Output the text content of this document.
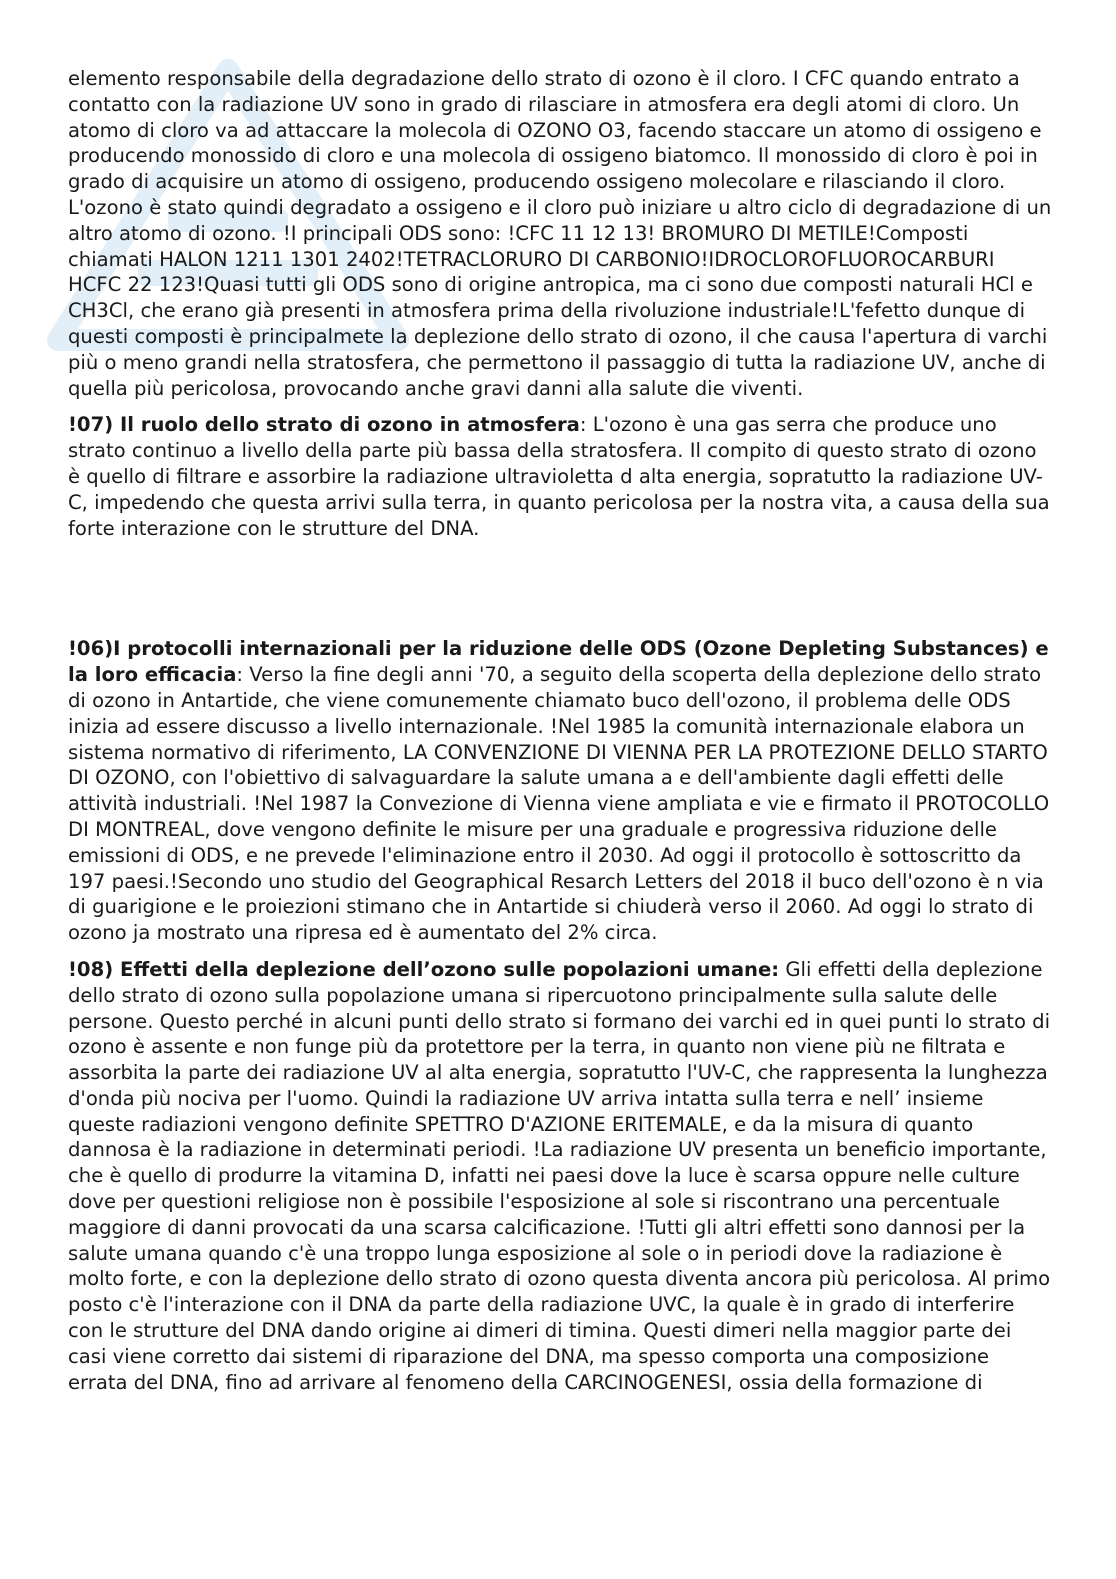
elemento responsabile della degradazione dello strato di ozono è il cloro. I CFC quando entrato a contatto con la radiazione UV sono in grado di rilasciare in atmosfera era degli atomi di cloro. Un atomo di cloro va ad attaccare la molecola di OZONO O3, facendo staccare un atomo di ossigeno e producendo monossido di cloro e una molecola di ossigeno biatomco. Il monossido di cloro è poi in grado di acquisire un atomo di ossigeno, producendo ossigeno molecolare e rilasciando il cloro. L'ozono è stato quindi degradato a ossigeno e il cloro può iniziare u altro ciclo di degradazione di un altro atomo di ozono. !I principali ODS sono: !CFC 11 12 13! BROMURO DI METILE!Composti chiamati HALON 1211 1301 2402!TETRACLORURO DI CARBONIO!IDROCLOROFLUOROCARBURI HCFC 22 123!Quasi tutti gli ODS sono di origine antropica, ma ci sono due composti naturali HCl e CH3Cl, che erano già presenti in atmosfera prima della rivoluzione industriale!L'fefetto dunque di questi composti è principalmete la deplezione dello strato di ozono, il che causa l'apertura di varchi più o meno grandi nella stratosfera, che permettono il passaggio di tutta la radiazione UV, anche di quella più pericolosa, provocando anche gravi danni alla salute die viventi.

!07) Il ruolo dello strato di ozono in atmosfera: L'ozono è una gas serra che produce uno strato continuo a livello della parte più bassa della stratosfera. Il compito di questo strato di ozono è quello di filtrare e assorbire la radiazione ultravioletta d alta energia, sopratutto la radiazione UV-C, impedendo che questa arrivi sulla terra, in quanto pericolosa per la nostra vita, a causa della sua forte interazione con le strutture del DNA.

!06)I protocolli internazionali per la riduzione delle ODS (Ozone Depleting Substances) e la loro efficacia: Verso la fine degli anni '70, a seguito della scoperta della deplezione dello strato di ozono in Antartide, che viene comunemente chiamato buco dell'ozono, il problema delle ODS inizia ad essere discusso a livello internazionale. !Nel 1985 la comunità internazionale elabora un sistema normativo di riferimento, LA CONVENZIONE DI VIENNA PER LA PROTEZIONE DELLO STARTO DI OZONO, con l'obiettivo di salvaguardare la salute umana a e dell'ambiente dagli effetti delle attività industriali. !Nel 1987 la Convezione di Vienna viene ampliata e vie e firmato il PROTOCOLLO DI MONTREAL, dove vengono definite le misure per una graduale e progressiva riduzione delle emissioni di ODS, e ne prevede l'eliminazione entro il 2030. Ad oggi il protocollo è sottoscritto da 197 paesi.!Secondo uno studio del Geographical Resarch Letters del 2018 il buco dell'ozono è n via di guarigione e le proiezioni stimano che in Antartide si chiuderà verso il 2060. Ad oggi lo strato di ozono ja mostrato una ripresa ed è aumentato del 2% circa.

!08) Effetti della deplezione dell’ozono sulle popolazioni umane: Gli effetti della deplezione dello strato di ozono sulla popolazione umana si ripercuotono principalmente sulla salute delle persone. Questo perché in alcuni punti dello strato si formano dei varchi ed in quei punti lo strato di ozono è assente e non funge più da protettore per la terra, in quanto non viene più ne filtrata e assorbita la parte dei radiazione UV al alta energia, sopratutto l'UV-C, che rappresenta la lunghezza d'onda più nociva per l'uomo. Quindi la radiazione UV arriva intatta sulla terra e nell’ insieme queste radiazioni vengono definite SPETTRO D'AZIONE ERITEMALE, e da la misura di quanto dannosa è la radiazione in determinati periodi. !La radiazione UV presenta un beneficio importante, che è quello di produrre la vitamina D, infatti nei paesi dove la luce è scarsa oppure nelle culture dove per questioni religiose non è possibile l'esposizione al sole si riscontrano una percentuale maggiore di danni provocati da una scarsa calcificazione. !Tutti gli altri effetti sono dannosi per la salute umana quando c'è una troppo lunga esposizione al sole o in periodi dove la radiazione è molto forte, e con la deplezione dello strato di ozono questa diventa ancora più pericolosa. Al primo posto c'è l'interazione con il DNA da parte della radiazione UVC, la quale è in grado di interferire con le strutture del DNA dando origine ai dimeri di timina. Questi dimeri nella maggior parte dei casi viene corretto dai sistemi di riparazione del DNA, ma spesso comporta una composizione errata del DNA, fino ad arrivare al fenomeno della CARCINOGENESI, ossia della formazione di
